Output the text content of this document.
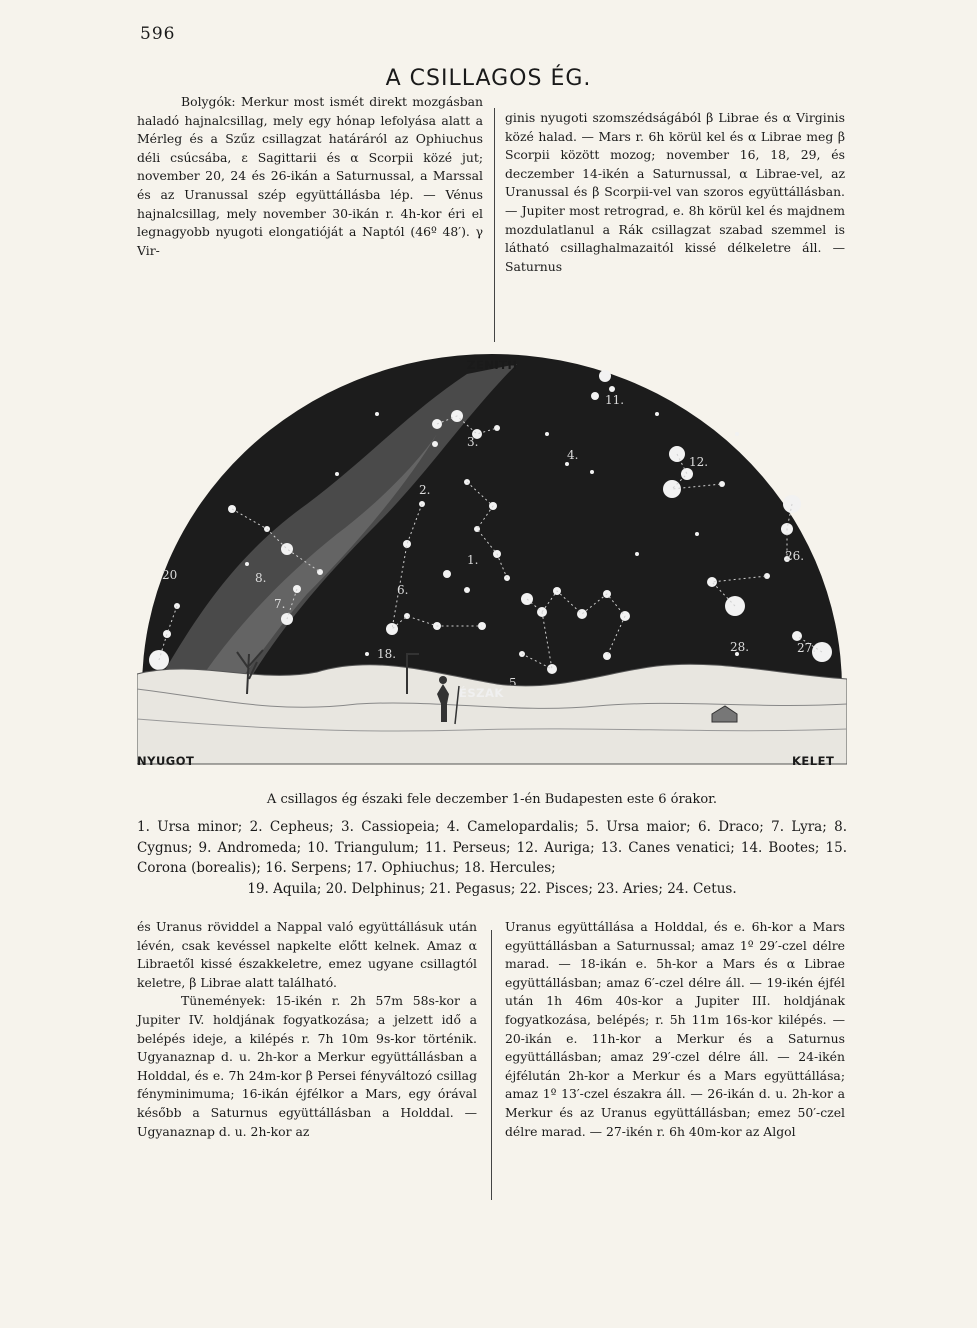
596
A CSILLAGOS ÉG.

Bolygók: Merkur most ismét direkt mozgásban haladó hajnalcsillag, mely egy hónap lefolyása alatt a Mérleg és a Szűz csillagzat határáról az Ophiuchus déli csúcsába, ε Sagittarii és α Scorpii közé jut; november 20, 24 és 26-ikán a Saturnussal, a Marssal és az Uranussal szép együttállásba lép. — Vénus hajnalcsillag, mely november 30-ikán r. 4h-kor éri el legnagyobb nyugoti elongatióját a Naptól (46º 48′). γ Vir-

ginis nyugoti szomszédságából β Librae és α Virginis közé halad. — Mars r. 6h körül kel és α Librae meg β Scorpii között mozog; november 16, 18, 29, és deczember 14-ikén a Saturnussal, α Librae-vel, az Uranussal és β Scorpii-vel van szoros együttállásban. — Jupiter most retrograd, e. 8h körül kel és majdnem mozdulatlanul a Rák csillagzat szabad szemmel is látható csillaghalmazaitól kissé délkeletre áll. — Saturnus

1.
2.
3.
4.
5.
6.
7.
8.
11.
12.
18.
20
26.
27.
28.
ZENITH
ÉSZAK
NYUGOT	KELET
A csillagos ég északi fele deczember 1-én Budapesten este 6 órakor.
1. Ursa minor; 2. Cepheus; 3. Cassiopeia; 4. Camelopardalis; 5. Ursa maior; 6. Draco; 7. Lyra; 8. Cygnus; 9. Andromeda; 10. Triangulum; 11. Perseus; 12. Auriga; 13. Canes venatici; 14. Bootes; 15. Corona (borealis); 16. Serpens; 17. Ophiuchus; 18. Hercules;
19. Aquila; 20. Delphinus; 21. Pegasus; 22. Pisces; 23. Aries; 24. Cetus.

és Uranus röviddel a Nappal való együttállásuk után lévén, csak kevéssel napkelte előtt kelnek. Amaz α Libraetől kissé északkeletre, emez ugyane csillagtól keletre, β Librae alatt található.

Tünemények: 15-ikén r. 2h 57m 58s-kor a Jupiter IV. holdjának fogyatkozása; a jelzett idő a belépés ideje, a kilépés r. 7h 10m 9s-kor történik. Ugyanaznap d. u. 2h-kor a Merkur együttállásban a Holddal, és e. 7h 24m-kor β Persei fényváltozó csillag fényminimuma; 16-ikán éjfélkor a Mars, egy órával később a Saturnus együttállásban a Holddal. — Ugyanaznap d. u. 2h-kor az

Uranus együttállása a Holddal, és e. 6h-kor a Mars együttállásban a Saturnussal; amaz 1º 29′-czel délre marad. — 18-ikán e. 5h-kor a Mars és α Librae együttállásban; amaz 6′-czel délre áll. — 19-ikén éjfél után 1h 46m 40s-kor a Jupiter III. holdjának fogyatkozása, belépés; r. 5h 11m 16s-kor kilépés. — 20-ikán e. 11h-kor a Merkur és a Saturnus együttállásban; amaz 29′-czel délre áll. — 24-ikén éjfélután 2h-kor a Merkur és a Mars együttállása; amaz 1º 13′-czel északra áll. — 26-ikán d. u. 2h-kor a Merkur és az Uranus együttállásban; emez 50′-czel délre marad. — 27-ikén r. 6h 40m-kor az Algol
